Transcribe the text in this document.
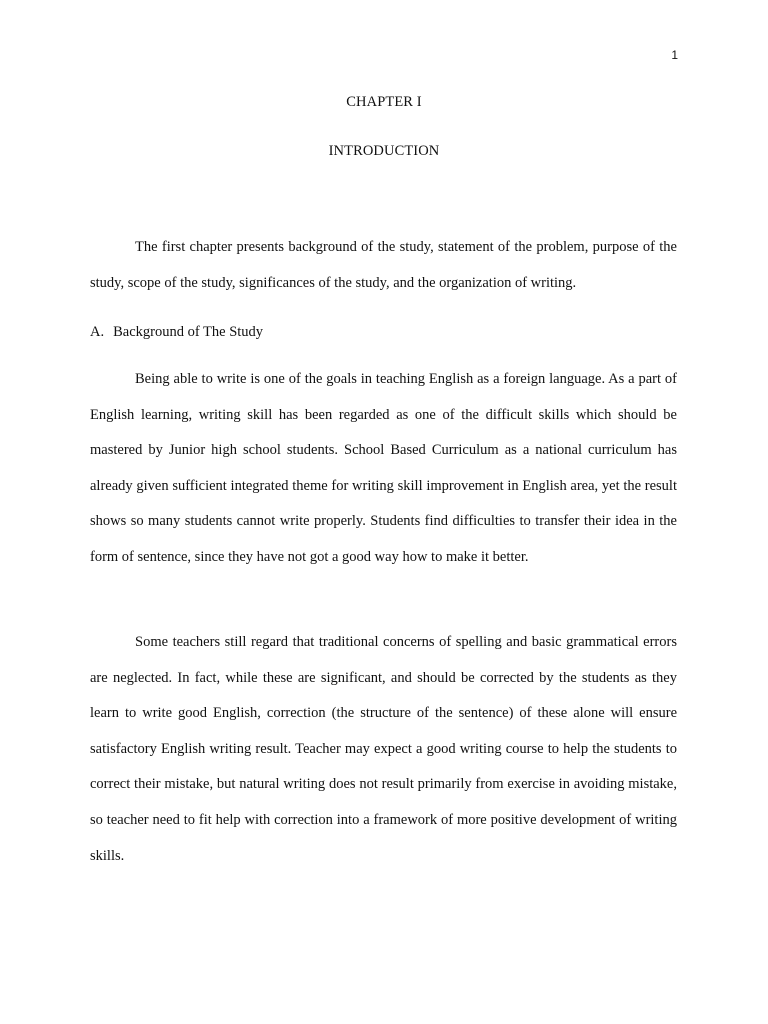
1
CHAPTER I
INTRODUCTION

The first chapter presents background of the study, statement of the problem, purpose of the study, scope of the study, significances of the study, and the organization of writing.

A. Background of The Study

Being able to write is one of the goals in teaching English as a foreign language. As a part of English learning, writing skill has been regarded as one of the difficult skills which should be mastered by Junior high school students. School Based Curriculum as a national curriculum has already given sufficient integrated theme for writing skill improvement in English area, yet the result shows so many students cannot write properly. Students find difficulties to transfer their idea in the form of sentence, since they have not got a good way how to make it better.

Some teachers still regard that traditional concerns of spelling and basic grammatical errors are neglected. In fact, while these are significant, and should be corrected by the students as they learn to write good English, correction (the structure of the sentence) of these alone will ensure satisfactory English writing result. Teacher may expect a good writing course to help the students to correct their mistake, but natural writing does not result primarily from exercise in avoiding mistake, so teacher need to fit help with correction into a framework of more positive development of writing skills.
